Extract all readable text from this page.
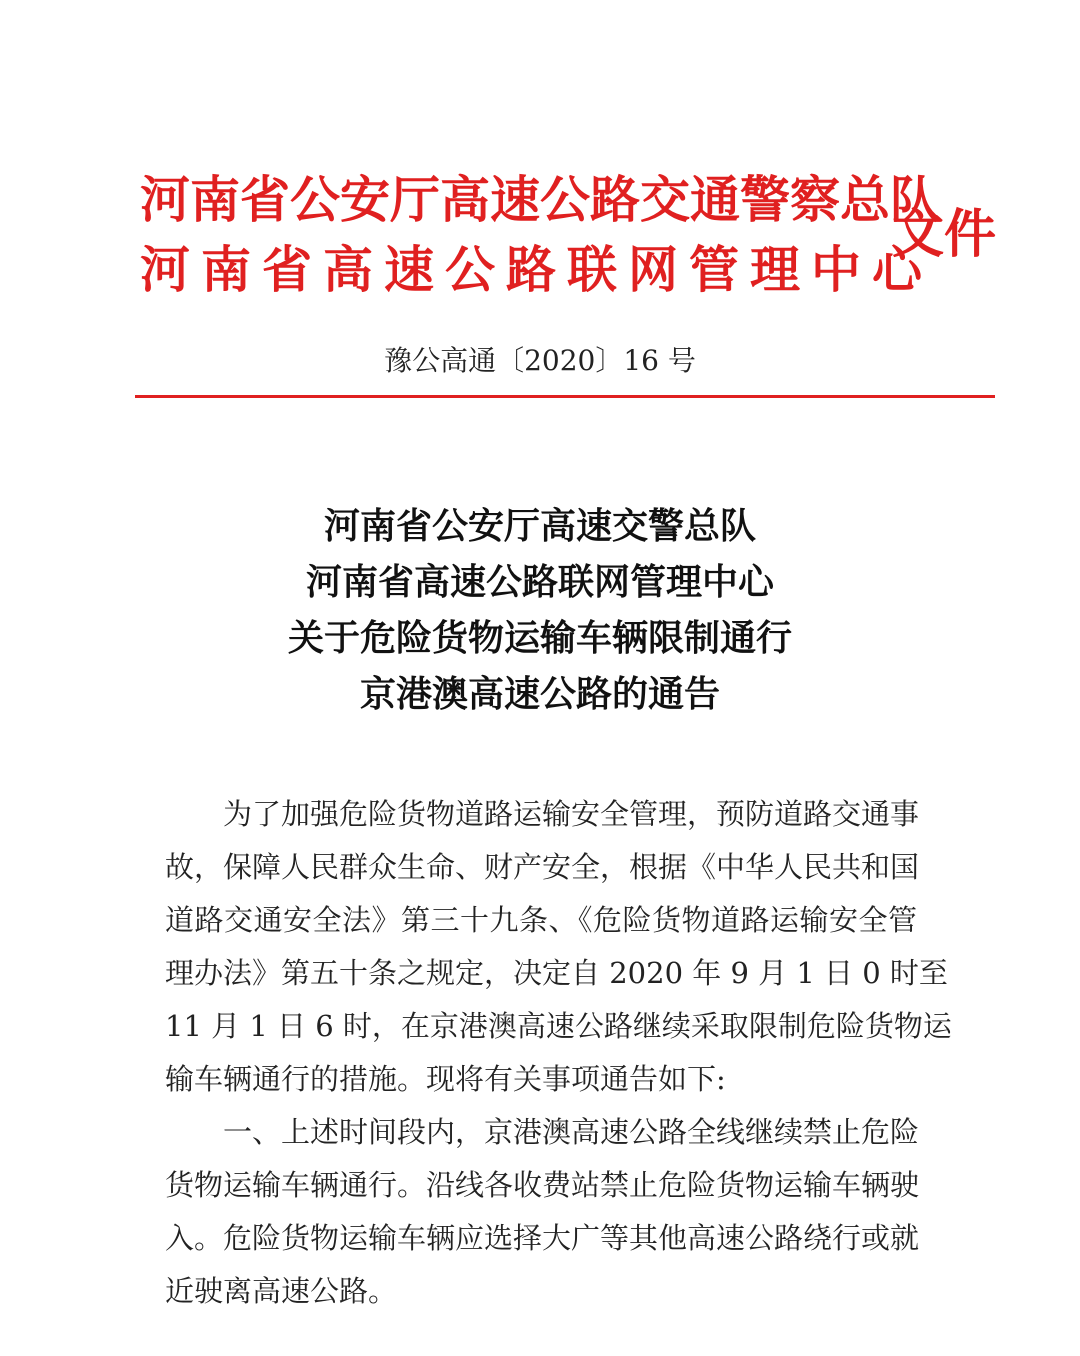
河南省公安厅高速公路交通警察总队
河南省高速公路联网管理中心
文件
豫公高通〔2020〕16 号
河南省公安厅高速交警总队
河南省高速公路联网管理中心
关于危险货物运输车辆限制通行
京港澳高速公路的通告
为了加强危险货物道路运输安全管理，预防道路交通事
故，保障人民群众生命、财产安全，根据《中华人民共和国
道路交通安全法》第三十九条、《危险货物道路运输安全管
理办法》第五十条之规定，决定自 2020 年 9 月 1 日 0 时至
11 月 1 日 6 时，在京港澳高速公路继续采取限制危险货物运
输车辆通行的措施。现将有关事项通告如下:
一、上述时间段内，京港澳高速公路全线继续禁止危险
货物运输车辆通行。沿线各收费站禁止危险货物运输车辆驶
入。危险货物运输车辆应选择大广等其他高速公路绕行或就
近驶离高速公路。
